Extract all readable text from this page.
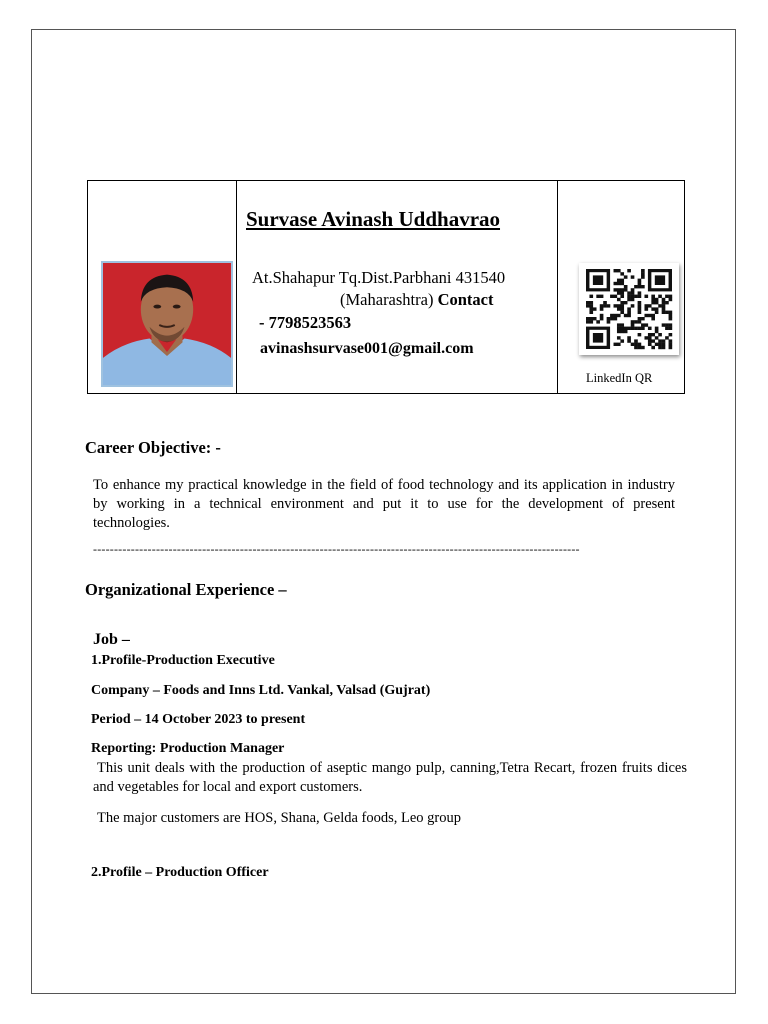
Survase Avinash Uddhavrao
At.Shahapur Tq.Dist.Parbhani 431540
(Maharashtra) Contact
- 7798523563
avinashsurvase001@gmail.com
LinkedIn QR
Career Objective: -
To enhance my practical knowledge in the field of food technology and its application in industry by working in a technical environment and put it to use for the development of present technologies.
--------------------------------------------------------------------------------------------------------------------
Organizational Experience –
Job –
1.Profile-Production Executive
Company – Foods and Inns Ltd. Vankal, Valsad (Gujrat)
Period – 14 October 2023 to present
Reporting: Production Manager
This unit deals with the production of aseptic mango pulp, canning,Tetra Recart, frozen fruits dices and vegetables for local and export customers.
The major customers are HOS, Shana, Gelda foods, Leo group
2.Profile – Production Officer
